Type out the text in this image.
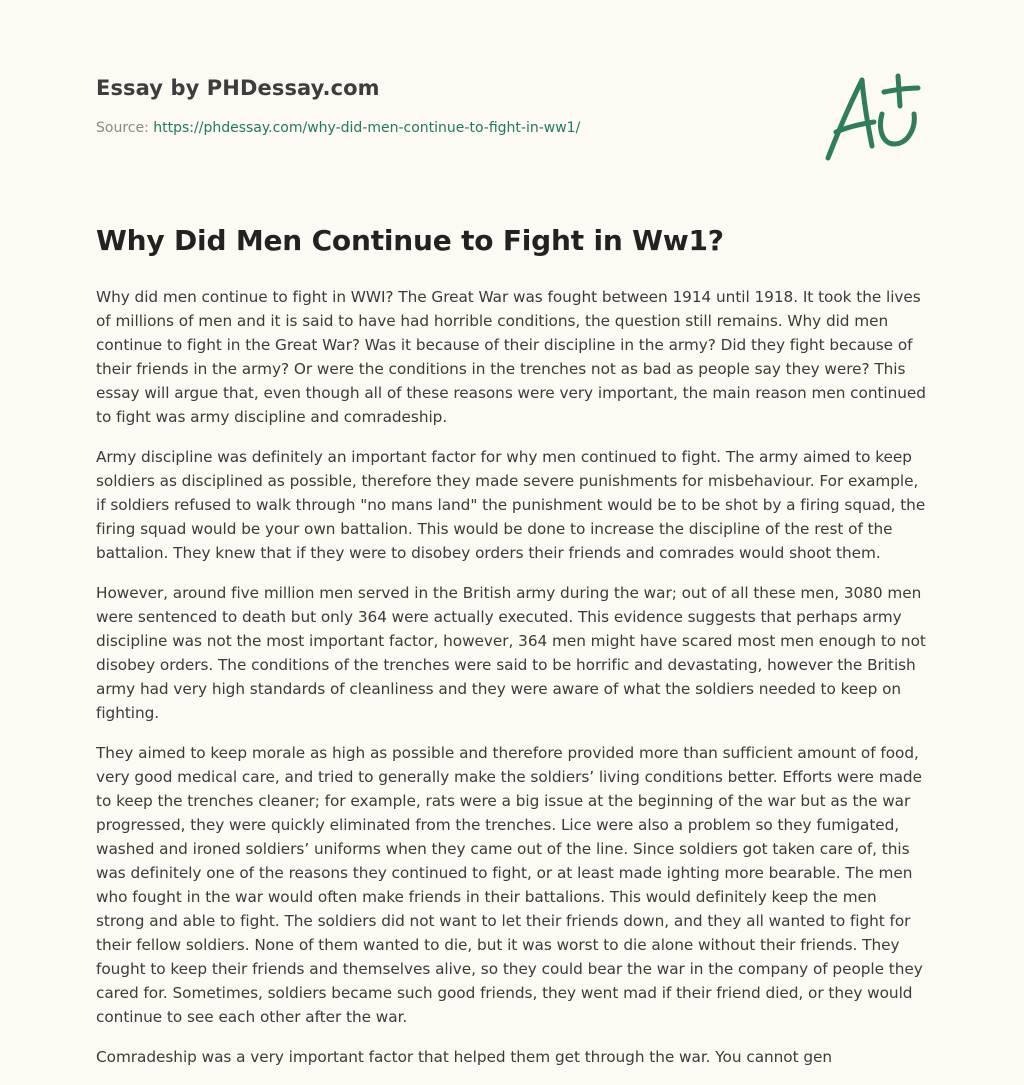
Essay by PHDessay.com
Source: https://phdessay.com/why-did-men-continue-to-fight-in-ww1/
Why Did Men Continue to Fight in Ww1?

Why did men continue to fight in WWI? The Great War was fought between 1914 until 1918. It took the lives of millions of men and it is said to have had horrible conditions, the question still remains. Why did men continue to fight in the Great War? Was it because of their discipline in the army? Did they fight because of their friends in the army? Or were the conditions in the trenches not as bad as people say they were? This essay will argue that, even though all of these reasons were very important, the main reason men continued to fight was army discipline and comradeship.

Army discipline was definitely an important factor for why men continued to fight. The army aimed to keep soldiers as disciplined as possible, therefore they made severe punishments for misbehaviour. For example, if soldiers refused to walk through "no mans land" the punishment would be to be shot by a firing squad, the firing squad would be your own battalion. This would be done to increase the discipline of the rest of the battalion. They knew that if they were to disobey orders their friends and comrades would shoot them.

However, around five million men served in the British army during the war; out of all these men, 3080 men were sentenced to death but only 364 were actually executed. This evidence suggests that perhaps army discipline was not the most important factor, however, 364 men might have scared most men enough to not disobey orders. The conditions of the trenches were said to be horrific and devastating, however the British army had very high standards of cleanliness and they were aware of what the soldiers needed to keep on fighting.

They aimed to keep morale as high as possible and therefore provided more than sufficient amount of food, very good medical care, and tried to generally make the soldiers’ living conditions better. Efforts were made to keep the trenches cleaner; for example, rats were a big issue at the beginning of the war but as the war progressed, they were quickly eliminated from the trenches. Lice were also a problem so they fumigated, washed and ironed soldiers’ uniforms when they came out of the line. Since soldiers got taken care of, this was definitely one of the reasons they continued to fight, or at least made ighting more bearable. The men who fought in the war would often make friends in their battalions. This would definitely keep the men strong and able to fight. The soldiers did not want to let their friends down, and they all wanted to fight for their fellow soldiers. None of them wanted to die, but it was worst to die alone without their friends. They fought to keep their friends and themselves alive, so they could bear the war in the company of people they cared for. Sometimes, soldiers became such good friends, they went mad if their friend died, or they would continue to see each other after the war.

Comradeship was a very important factor that helped them get through the war. You cannot gen
